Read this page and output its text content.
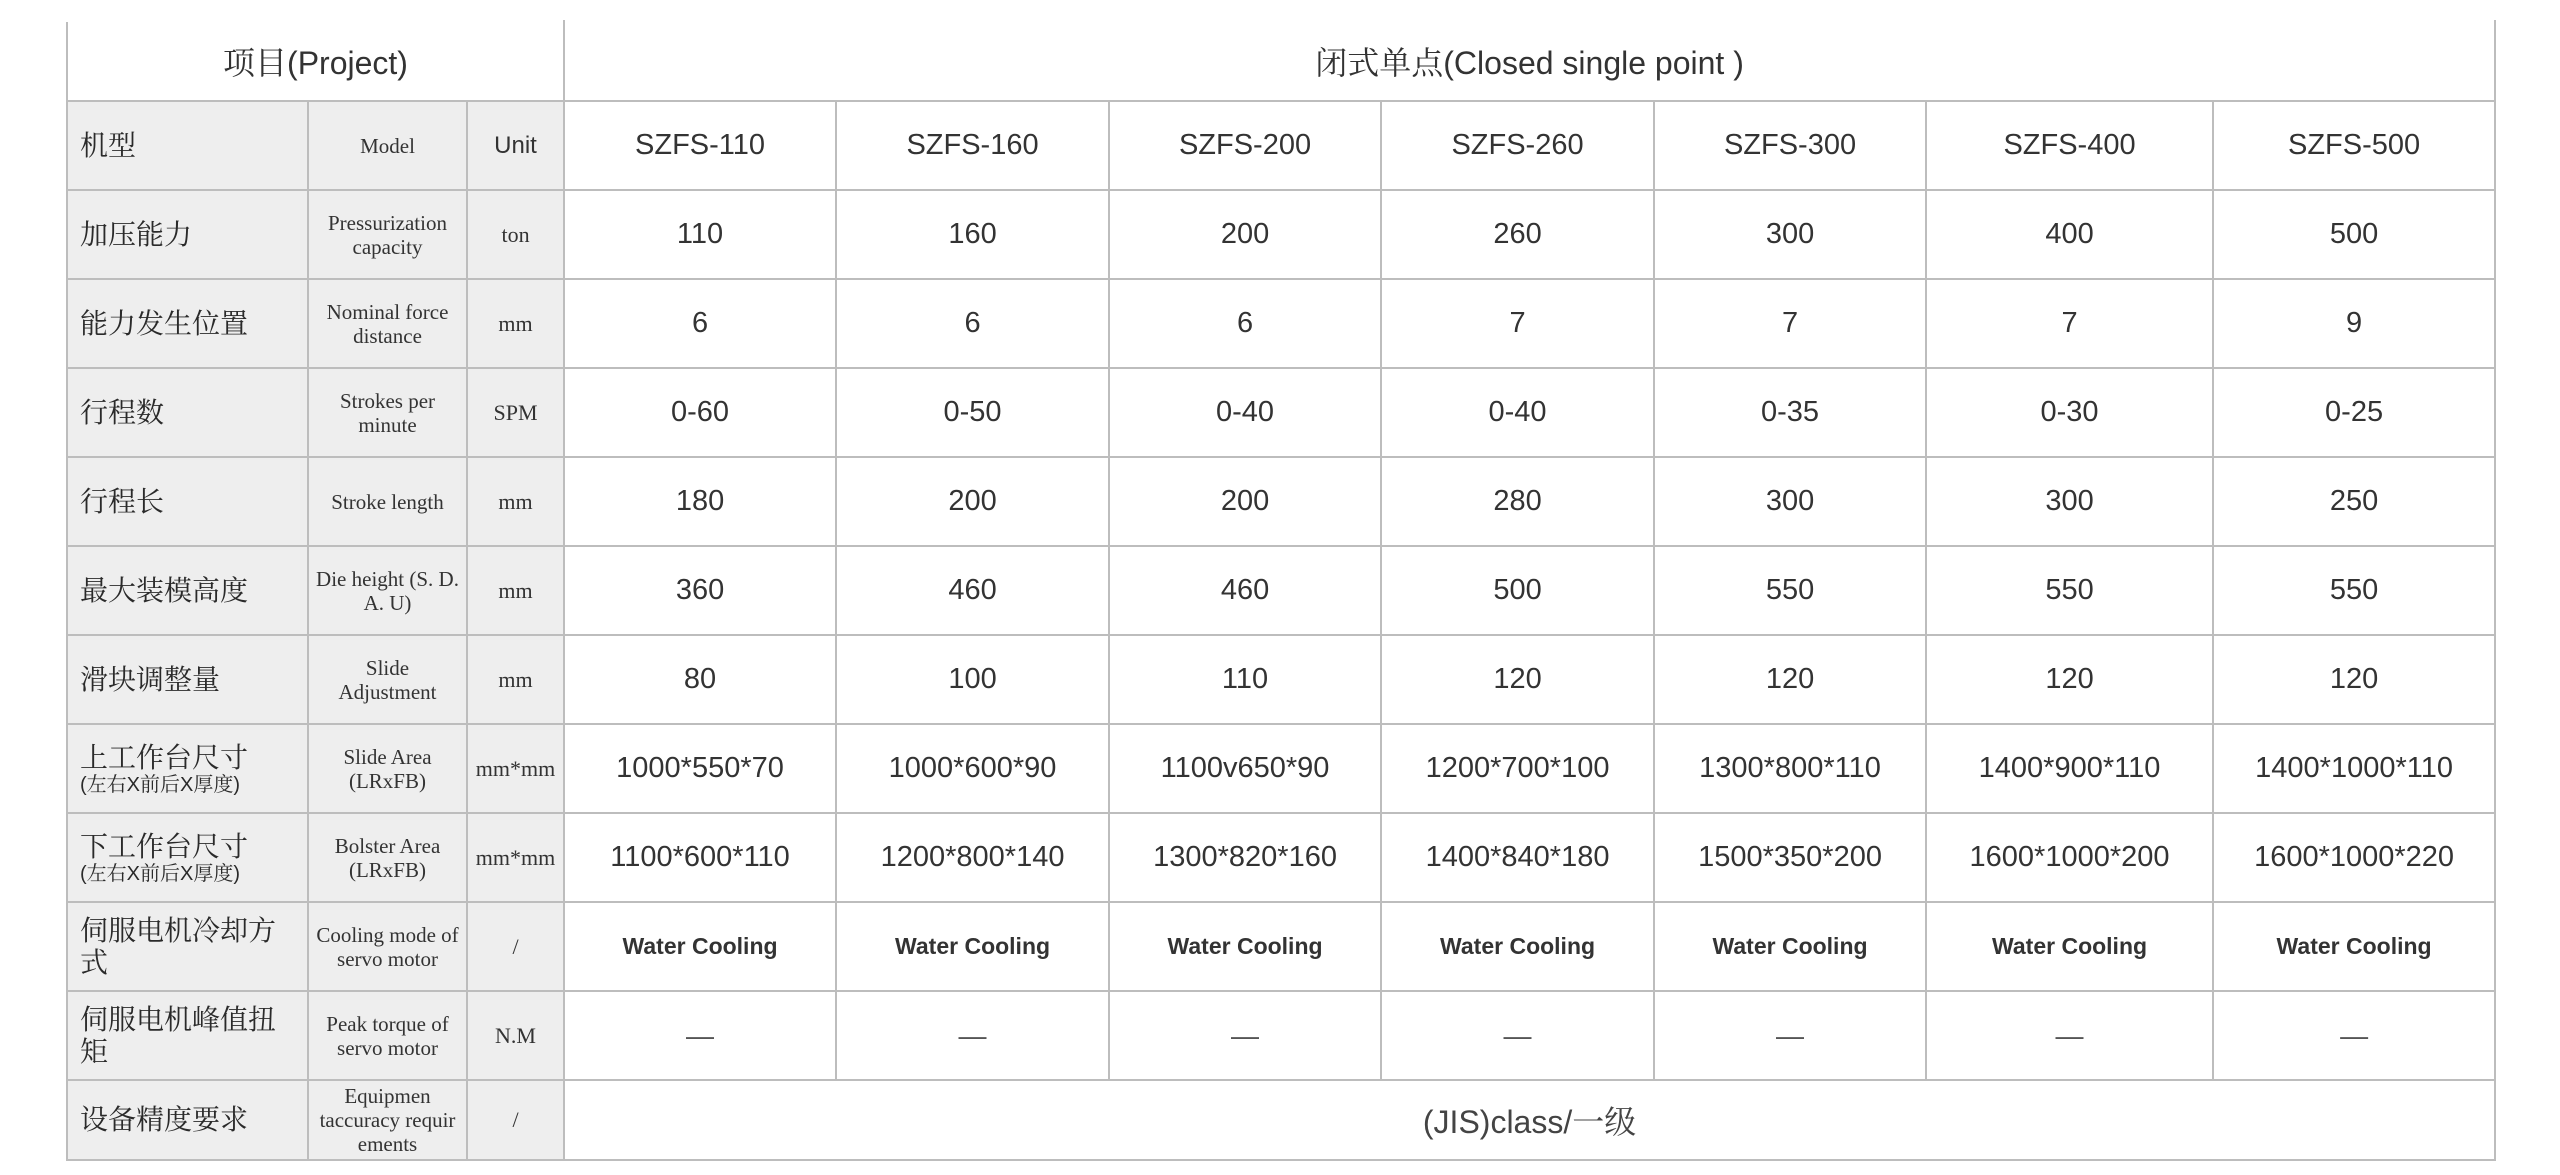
项目(Project)			闭式单点(Closed single point )						

机型	Model	Unit	SZFS-110	SZFS-160	SZFS-200	SZFS-260	SZFS-300	SZFS-400	SZFS-500

加压能力	Pressurization capacity	ton	110	160	200	260	300	400	500

能力发生位置	Nominal force distance	mm	6	6	6	7	7	7	9

行程数	Strokes per minute	SPM	0-60	0-50	0-40	0-40	0-35	0-30	0-25

行程长	Stroke length	mm	180	200	200	280	300	300	250

最大装模高度	Die height (S. D. A. U)	mm	360	460	460	500	550	550	550

滑块调整量	Slide Adjustment	mm	80	100	110	120	120	120	120

上工作台尺寸
(左右X前后X厚度)	Slide Area (LRxFB)	mm*mm	1000*550*70	1000*600*90	1100v650*90	1200*700*100	1300*800*110	1400*900*110	1400*1000*110

下工作台尺寸
(左右X前后X厚度)	Bolster Area (LRxFB)	mm*mm	1100*600*110	1200*800*140	1300*820*160	1400*840*180	1500*350*200	1600*1000*200	1600*1000*220

伺服电机冷却方式	Cooling mode of servo motor	/	Water Cooling	Water Cooling	Water Cooling	Water Cooling	Water Cooling	Water Cooling	Water Cooling

伺服电机峰值扭矩	Peak torque of servo motor	N.M	—	—	—	—	—	—	—

设备精度要求	Equipmen taccuracy requir ements	/	(JIS)class/一级						
